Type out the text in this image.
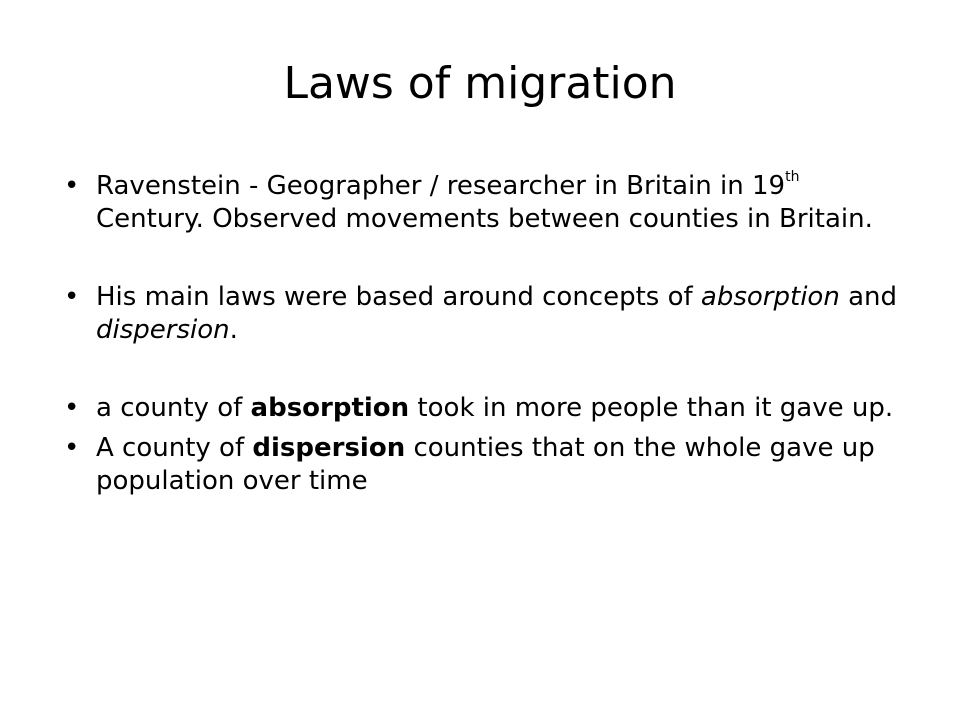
Laws of migration
• Ravenstein - Geographer / researcher in Britain in 19th Century. Observed movements between counties in Britain.
• His main laws were based around concepts of absorption and dispersion.
• a county of absorption took in more people than it gave up.
• A county of dispersion counties that on the whole gave up population over time
